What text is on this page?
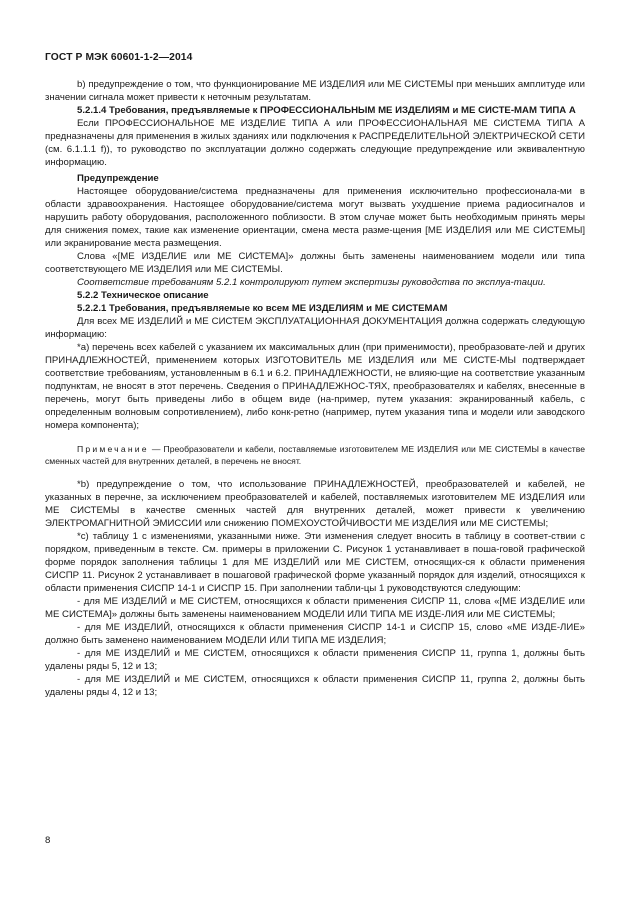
ГОСТ Р МЭК 60601-1-2—2014

b) предупреждение о том, что функционирование МЕ ИЗДЕЛИЯ или МЕ СИСТЕМЫ при меньших амплитуде или значении сигнала может привести к неточным результатам.

5.2.1.4 Требования, предъявляемые к ПРОФЕССИОНАЛЬНЫМ МЕ ИЗДЕЛИЯМ и МЕ СИСТЕ-МАМ ТИПА А

Если ПРОФЕССИОНАЛЬНОЕ МЕ ИЗДЕЛИЕ ТИПА А или ПРОФЕССИОНАЛЬНАЯ МЕ СИСТЕМА ТИПА А предназначены для применения в жилых зданиях или подключения к РАСПРЕДЕЛИТЕЛЬНОЙ ЭЛЕКТРИЧЕСКОЙ СЕТИ (см. 6.1.1.1 f)), то руководство по эксплуатации должно содержать следующие предупреждение или эквивалентную информацию.

Предупреждение

Настоящее оборудование/система предназначены для применения исключительно профессионала-ми в области здравоохранения. Настоящее оборудование/система могут вызвать ухудшение приема радиосигналов и нарушить работу оборудования, расположенного поблизости. В этом случае может быть необходимым принять меры для снижения помех, такие как изменение ориентации, смена места разме-щения [МЕ ИЗДЕЛИЯ или МЕ СИСТЕМЫ] или экранирование места размещения.

Слова «[МЕ ИЗДЕЛИЕ или МЕ СИСТЕМА]» должны быть заменены наименованием модели или типа соответствующего МЕ ИЗДЕЛИЯ или МЕ СИСТЕМЫ.

Соответствие требованиям 5.2.1 контролируют путем экспертизы руководства по эксплуа-тации.

5.2.2 Техническое описание

5.2.2.1 Требования, предъявляемые ко всем МЕ ИЗДЕЛИЯМ и МЕ СИСТЕМАМ

Для всех МЕ ИЗДЕЛИЙ и МЕ СИСТЕМ ЭКСПЛУАТАЦИОННАЯ ДОКУМЕНТАЦИЯ должна содержать следующую информацию:

*а) перечень всех кабелей с указанием их максимальных длин (при применимости), преобразовате-лей и других ПРИНАДЛЕЖНОСТЕЙ, применением которых ИЗГОТОВИТЕЛЬ МЕ ИЗДЕЛИЯ или МЕ СИСТЕ-МЫ подтверждает соответствие требованиям, установленным в 6.1 и 6.2. ПРИНАДЛЕЖНОСТИ, не влияю-щие на соответствие указанным подпунктам, не вносят в этот перечень. Сведения о ПРИНАДЛЕЖНОС-ТЯХ, преобразователях и кабелях, внесенные в перечень, могут быть приведены либо в общем виде (на-пример, путем указания: экранированный кабель, с определенным волновым сопротивлением), либо конк-ретно (например, путем указания типа и модели или заводского номера компонента);

Примечание — Преобразователи и кабели, поставляемые изготовителем МЕ ИЗДЕЛИЯ или МЕ СИСТЕМЫ в качестве сменных частей для внутренних деталей, в перечень не вносят.

*b) предупреждение о том, что использование ПРИНАДЛЕЖНОСТЕЙ, преобразователей и кабелей, не указанных в перечне, за исключением преобразователей и кабелей, поставляемых изготовителем МЕ ИЗДЕЛИЯ или МЕ СИСТЕМЫ в качестве сменных частей для внутренних деталей, может привести к увеличению ЭЛЕКТРОМАГНИТНОЙ ЭМИССИИ или снижению ПОМЕХОУСТОЙЧИВОСТИ МЕ ИЗДЕЛИЯ или МЕ СИСТЕМЫ;

*с) таблицу 1 с изменениями, указанными ниже. Эти изменения следует вносить в таблицу в соответ-ствии с порядком, приведенным в тексте. См. примеры в приложении С. Рисунок 1 устанавливает в поша-говой графической форме порядок заполнения таблицы 1 для МЕ ИЗДЕЛИЙ или МЕ СИСТЕМ, относящих-ся к области применения СИСПР 11. Рисунок 2 устанавливает в пошаговой графической форме указанный порядок для изделий, относящихся к области применения СИСПР 14-1 и СИСПР 15. При заполнении табли-цы 1 руководствуются следующим:

- для МЕ ИЗДЕЛИЙ и МЕ СИСТЕМ, относящихся к области применения СИСПР 11, слова «[МЕ ИЗДЕЛИЕ или МЕ СИСТЕМА]» должны быть заменены наименованием МОДЕЛИ ИЛИ ТИПА МЕ ИЗДЕ-ЛИЯ или МЕ СИСТЕМЫ;

- для МЕ ИЗДЕЛИЙ, относящихся к области применения СИСПР 14-1 и СИСПР 15, слово «МЕ ИЗДЕ-ЛИЕ» должно быть заменено наименованием МОДЕЛИ ИЛИ ТИПА МЕ ИЗДЕЛИЯ;

- для МЕ ИЗДЕЛИЙ и МЕ СИСТЕМ, относящихся к области применения СИСПР 11, группа 1, должны быть удалены ряды 5, 12 и 13;

- для МЕ ИЗДЕЛИЙ и МЕ СИСТЕМ, относящихся к области применения СИСПР 11, группа 2, должны быть удалены ряды 4, 12 и 13;

8
